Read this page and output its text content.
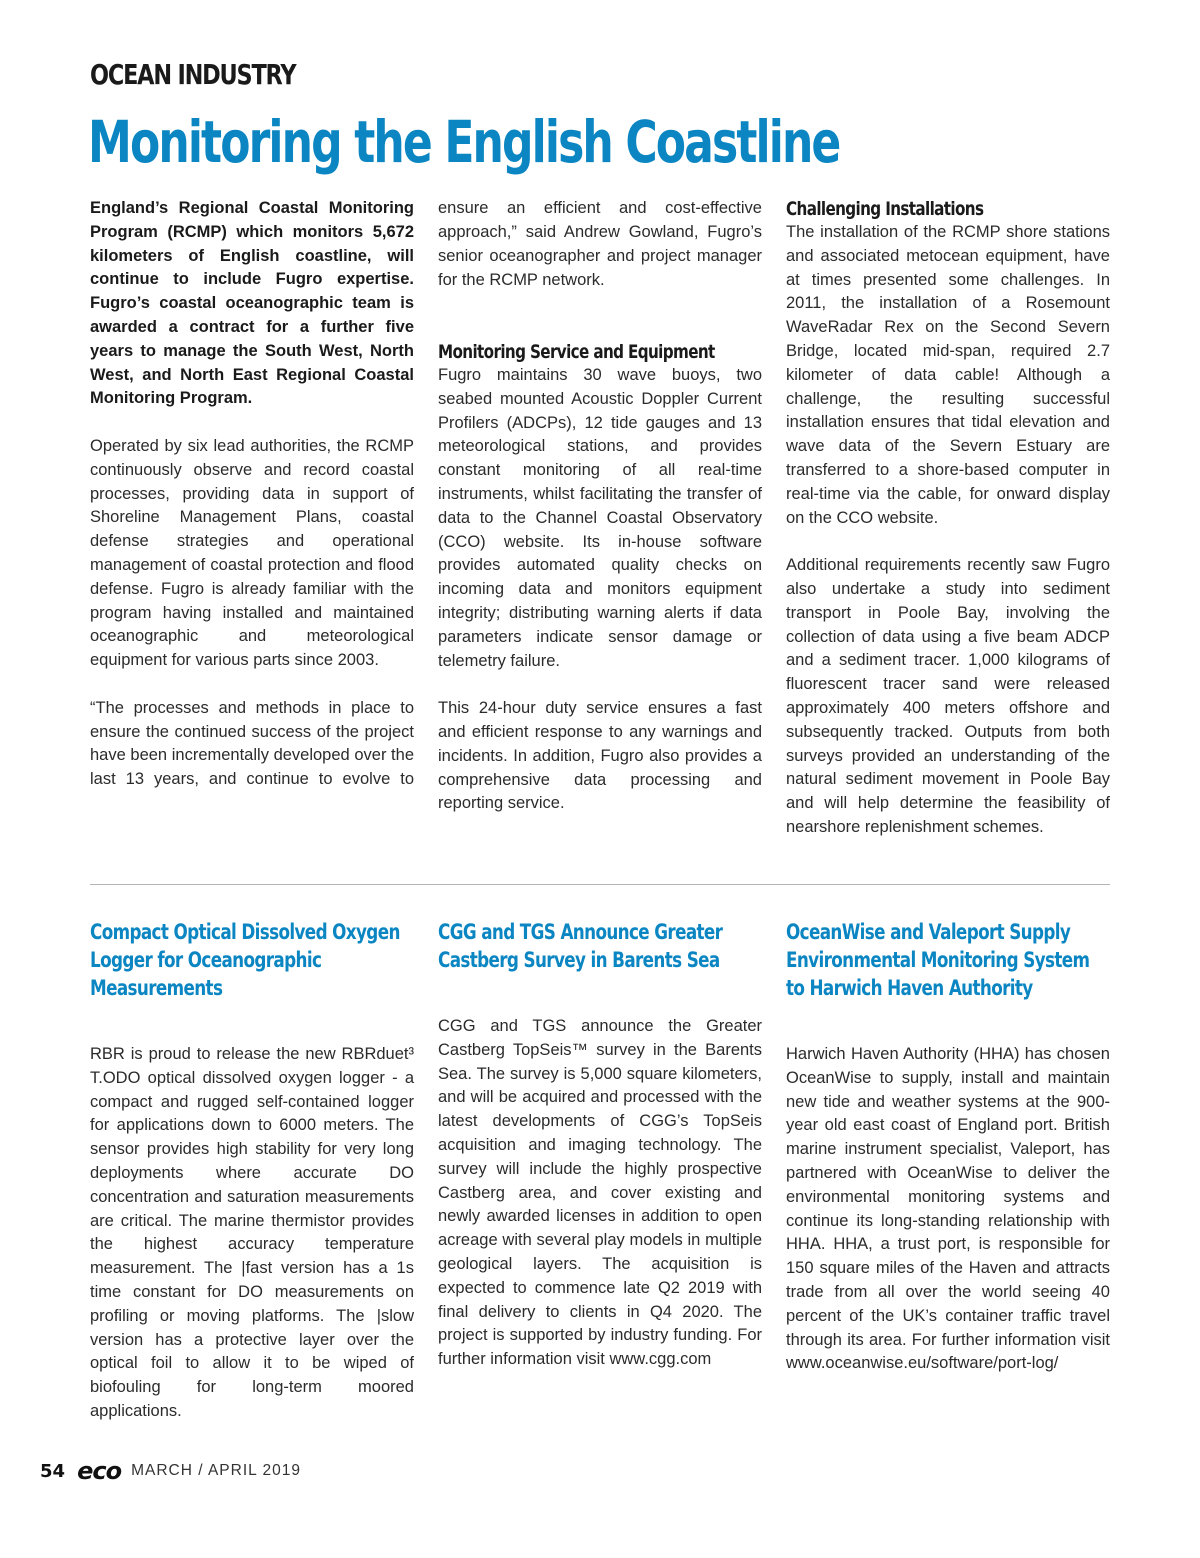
OCEAN INDUSTRY
Monitoring the English Coastline

England’s Regional Coastal Monitoring Program (RCMP) which monitors 5,672 kilometers of English coastline, will continue to include Fugro expertise. Fugro’s coastal oceanographic team is awarded a contract for a further five years to manage the South West, North West, and North East Regional Coastal Monitoring Program.

Operated by six lead authorities, the RCMP continuously observe and record coastal processes, providing data in support of Shoreline Management Plans, coastal defense strategies and operational management of coastal protection and flood defense. Fugro is already familiar with the program having installed and maintained oceanographic and meteorological equipment for various parts since 2003.

“The processes and methods in place to ensure the continued success of the project have been incrementally developed over the last 13 years, and continue to evolve to

ensure an efficient and cost-effective approach,” said Andrew Gowland, Fugro’s senior oceanographer and project manager for the RCMP network.

Monitoring Service and Equipment

Fugro maintains 30 wave buoys, two seabed mounted Acoustic Doppler Current Profilers (ADCPs), 12 tide gauges and 13 meteorological stations, and provides constant monitoring of all real-time instruments, whilst facilitating the transfer of data to the Channel Coastal Observatory (CCO) website. Its in-house software provides automated quality checks on incoming data and monitors equipment integrity; distributing warning alerts if data parameters indicate sensor damage or telemetry failure.

This 24-hour duty service ensures a fast and efficient response to any warnings and incidents. In addition, Fugro also provides a comprehensive data processing and reporting service.

Challenging Installations

The installation of the RCMP shore stations and associated metocean equipment, have at times presented some challenges. In 2011, the installation of a Rosemount WaveRadar Rex on the Second Severn Bridge, located mid-span, required 2.7 kilometer of data cable! Although a challenge, the resulting successful installation ensures that tidal elevation and wave data of the Severn Estuary are transferred to a shore-based computer in real-time via the cable, for onward display on the CCO website.

Additional requirements recently saw Fugro also undertake a study into sediment transport in Poole Bay, involving the collection of data using a five beam ADCP and a sediment tracer. 1,000 kilograms of fluorescent tracer sand were released approximately 400 meters offshore and subsequently tracked. Outputs from both surveys provided an understanding of the natural sediment movement in Poole Bay and will help determine the feasibility of nearshore replenishment schemes.

Compact Optical Dissolved Oxygen Logger for Oceanographic Measurements

RBR is proud to release the new RBRduet³ T.ODO optical dissolved oxygen logger - a compact and rugged self-contained logger for applications down to 6000 meters. The sensor provides high stability for very long deployments where accurate DO concentration and saturation measurements are critical. The marine thermistor provides the highest accuracy temperature measurement. The |fast version has a 1s time constant for DO measurements on profiling or moving platforms. The |slow version has a protective layer over the optical foil to allow it to be wiped of biofouling for long-term moored applications.

CGG and TGS Announce Greater Castberg Survey in Barents Sea

CGG and TGS announce the Greater Castberg TopSeis™ survey in the Barents Sea. The survey is 5,000 square kilometers, and will be acquired and processed with the latest developments of CGG’s TopSeis acquisition and imaging technology. The survey will include the highly prospective Castberg area, and cover existing and newly awarded licenses in addition to open acreage with several play models in multiple geological layers. The acquisition is expected to commence late Q2 2019 with final delivery to clients in Q4 2020. The project is supported by industry funding. For further information visit www.cgg.com

OceanWise and Valeport Supply Environmental Monitoring System to Harwich Haven Authority

Harwich Haven Authority (HHA) has chosen OceanWise to supply, install and maintain new tide and weather systems at the 900-year old east coast of England port. British marine instrument specialist, Valeport, has partnered with OceanWise to deliver the environmental monitoring systems and continue its long-standing relationship with HHA. HHA, a trust port, is responsible for 150 square miles of the Haven and attracts trade from all over the world seeing 40 percent of the UK’s container traffic travel through its area. For further information visit www.oceanwise.eu/software/port-log/

54 eco MARCH / APRIL 2019
